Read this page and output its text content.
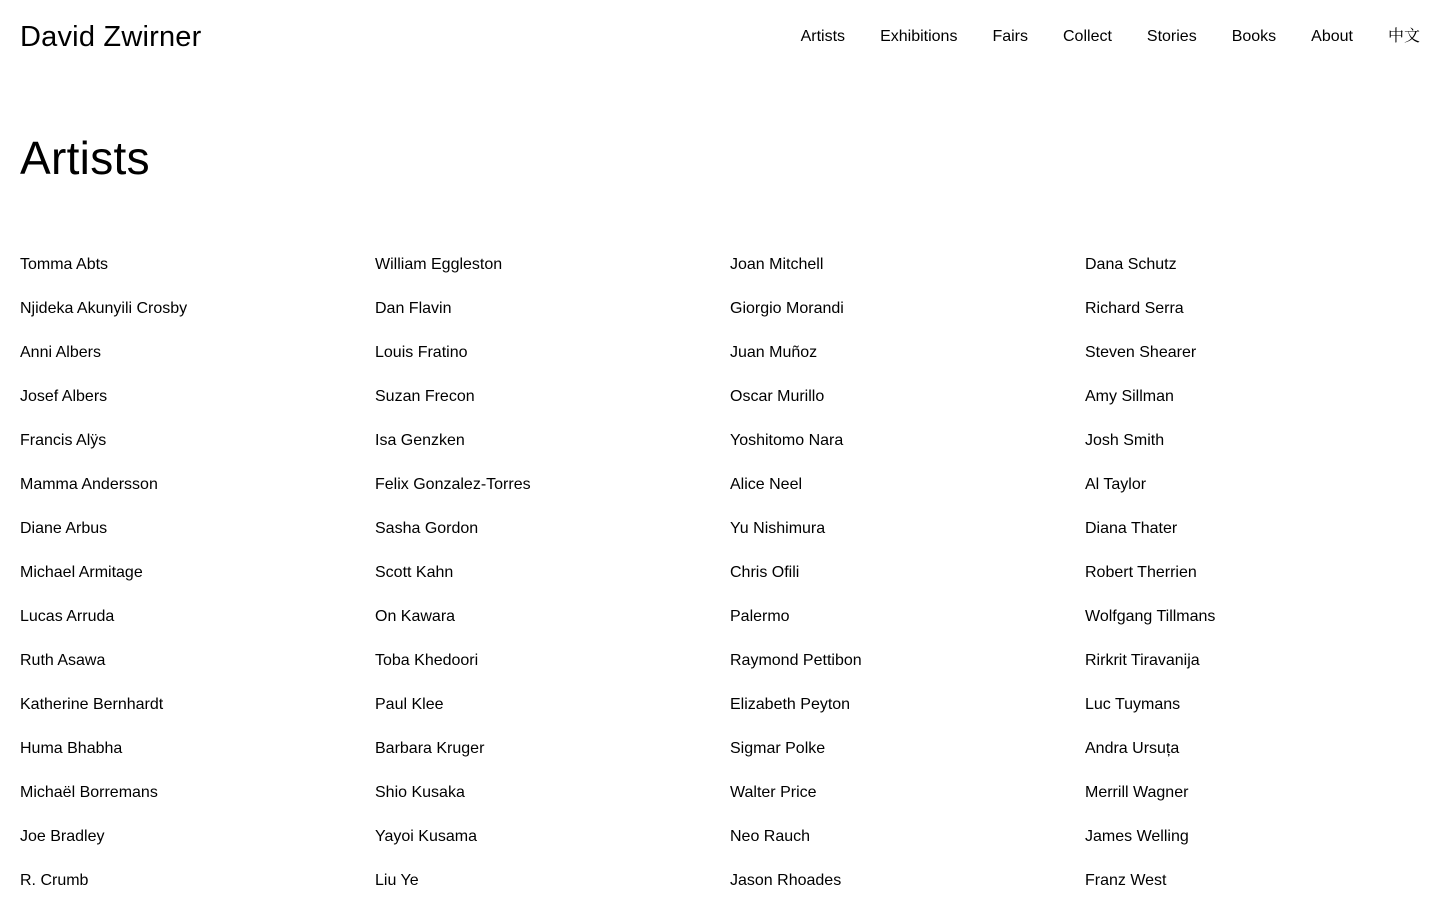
David Zwirner	Artists Exhibitions Fairs Collect Stories Books About 中文
Artists
Tomma Abts
Njideka Akunyili Crosby
Anni Albers
Josef Albers
Francis Alÿs
Mamma Andersson
Diane Arbus
Michael Armitage
Lucas Arruda
Ruth Asawa
Katherine Bernhardt
Huma Bhabha
Michaël Borremans
Joe Bradley
R. Crumb
William Eggleston
Dan Flavin
Louis Fratino
Suzan Frecon
Isa Genzken
Felix Gonzalez-Torres
Sasha Gordon
Scott Kahn
On Kawara
Toba Khedoori
Paul Klee
Barbara Kruger
Shio Kusaka
Yayoi Kusama
Liu Ye
Joan Mitchell
Giorgio Morandi
Juan Muñoz
Oscar Murillo
Yoshitomo Nara
Alice Neel
Yu Nishimura
Chris Ofili
Palermo
Raymond Pettibon
Elizabeth Peyton
Sigmar Polke
Walter Price
Neo Rauch
Jason Rhoades
Dana Schutz
Richard Serra
Steven Shearer
Amy Sillman
Josh Smith
Al Taylor
Diana Thater
Robert Therrien
Wolfgang Tillmans
Rirkrit Tiravanija
Luc Tuymans
Andra Ursuța
Merrill Wagner
James Welling
Franz West
